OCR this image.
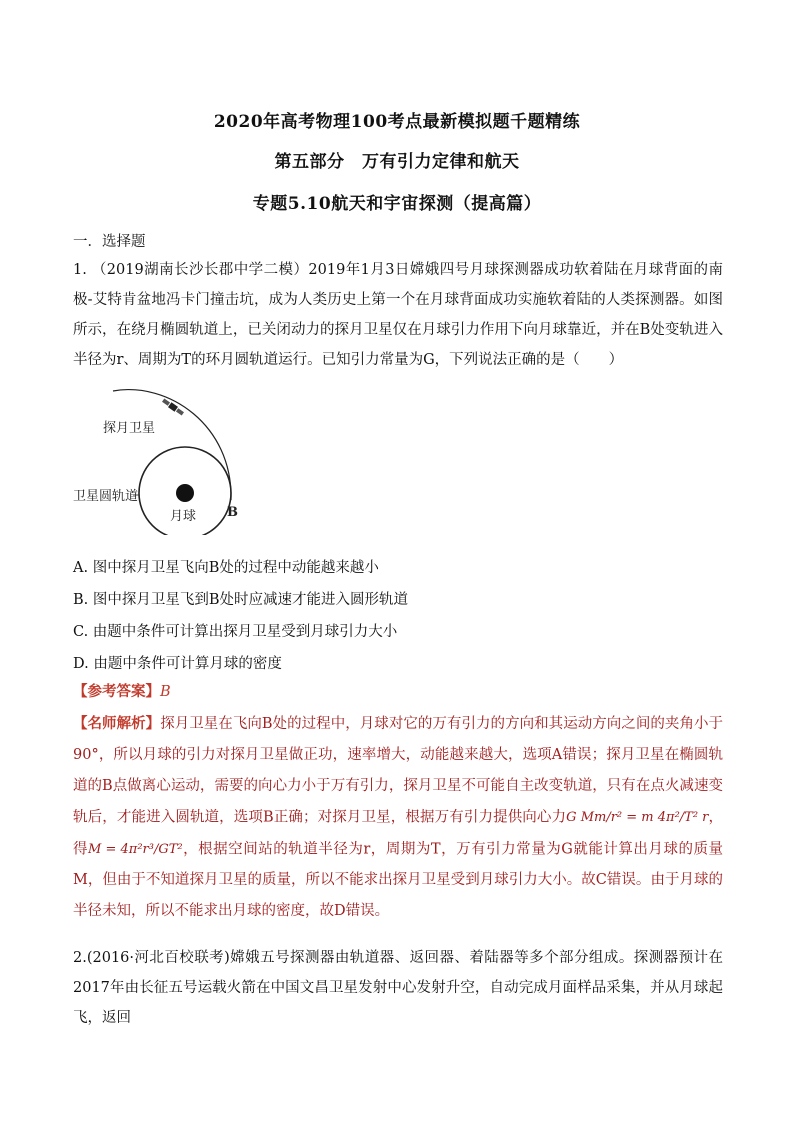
2020年高考物理100考点最新模拟题千题精练
第五部分　万有引力定律和航天
专题5.10航天和宇宙探测（提高篇）
一．选择题
1. （2019湖南长沙长郡中学二模）2019年1月3日嫦娥四号月球探测器成功软着陆在月球背面的南极-艾特肯盆地冯卡门撞击坑，成为人类历史上第一个在月球背面成功实施软着陆的人类探测器。如图所示，在绕月椭圆轨道上，已关闭动力的探月卫星仅在月球引力作用下向月球靠近，并在B处变轨进入半径为r、周期为T的环月圆轨道运行。已知引力常量为G，下列说法正确的是（　　）
探月卫星
卫星圆轨道
月球 B
A. 图中探月卫星飞向B处的过程中动能越来越小
B. 图中探月卫星飞到B处时应减速才能进入圆形轨道
C. 由题中条件可计算出探月卫星受到月球引力大小
D. 由题中条件可计算月球的密度
【参考答案】B
【名师解析】探月卫星在飞向B处的过程中，月球对它的万有引力的方向和其运动方向之间的夹角小于90°，所以月球的引力对探月卫星做正功，速率增大，动能越来越大，选项A错误；探月卫星在椭圆轨道的B点做离心运动，需要的向心力小于万有引力，探月卫星不可能自主改变轨道，只有在点火减速变轨后，才能进入圆轨道，选项B正确；对探月卫星，根据万有引力提供向心力G Mm/r² = m 4π²/T² r，得M = 4π²r³/GT²，根据空间站的轨道半径为r，周期为T，万有引力常量为G就能计算出月球的质量M，但由于不知道探月卫星的质量，所以不能求出探月卫星受到月球引力大小。故C错误。由于月球的半径未知，所以不能求出月球的密度，故D错误。
2.(2016·河北百校联考)嫦娥五号探测器由轨道器、返回器、着陆器等多个部分组成。探测器预计在2017年由长征五号运载火箭在中国文昌卫星发射中心发射升空，自动完成月面样品采集，并从月球起飞，返回
